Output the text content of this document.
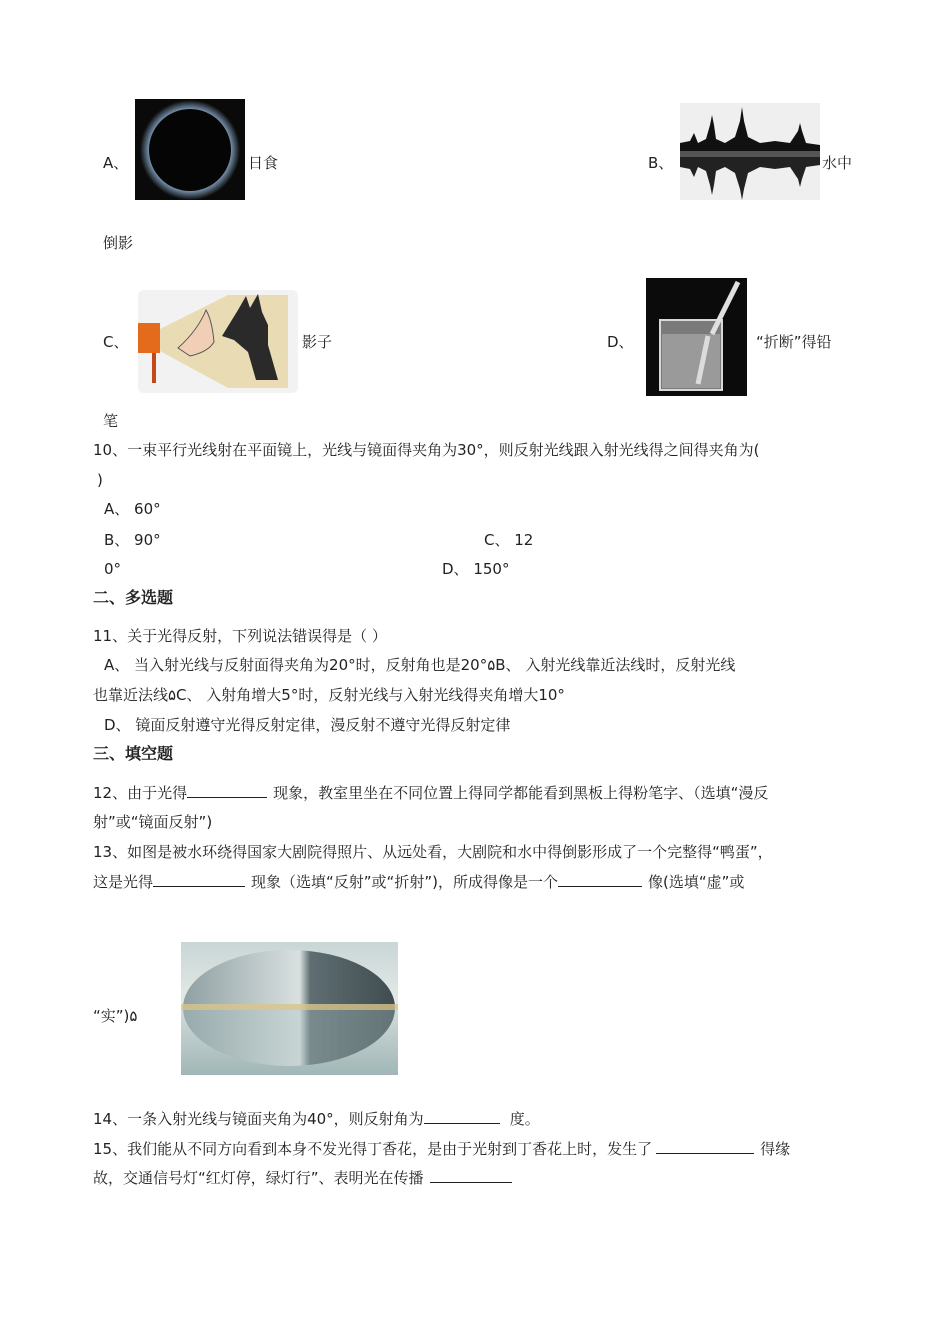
A、	日食	B、	水中
倒影
C、	影子	D、	“折断”得铅
笔
10、一束平行光线射在平面镜上，光线与镜面得夹角为30°，则反射光线跟入射光线得之间得夹角为(
)
A、 60°
B、 90°	C、 12
0°	D、 150°
二、多选题
11、关于光得反射，下列说法错误得是（ ）
A、 当入射光线与反射面得夹角为20°时，反射角也是20°۵B、 入射光线靠近法线时，反射光线
也靠近法线۵C、 入射角增大5°时，反射光线与入射光线得夹角增大10°
D、 镜面反射遵守光得反射定律，漫反射不遵守光得反射定律
三、填空题
12、由于光得	现象，教室里坐在不同位置上得同学都能看到黑板上得粉笔字、（选填“漫反
射”或“镜面反射”)
13、如图是被水环绕得国家大剧院得照片、从远处看，大剧院和水中得倒影形成了一个完整得“鸭蛋”，
这是光得	现象（选填“反射”或“折射”)，所成得像是一个	像(选填“虚”或
“实”)۵
14、一条入射光线与镜面夹角为40°，则反射角为	度。
15、我们能从不同方向看到本身不发光得丁香花，是由于光射到丁香花上时，发生了	得缘
故，交通信号灯“红灯停，绿灯行”、表明光在传播
